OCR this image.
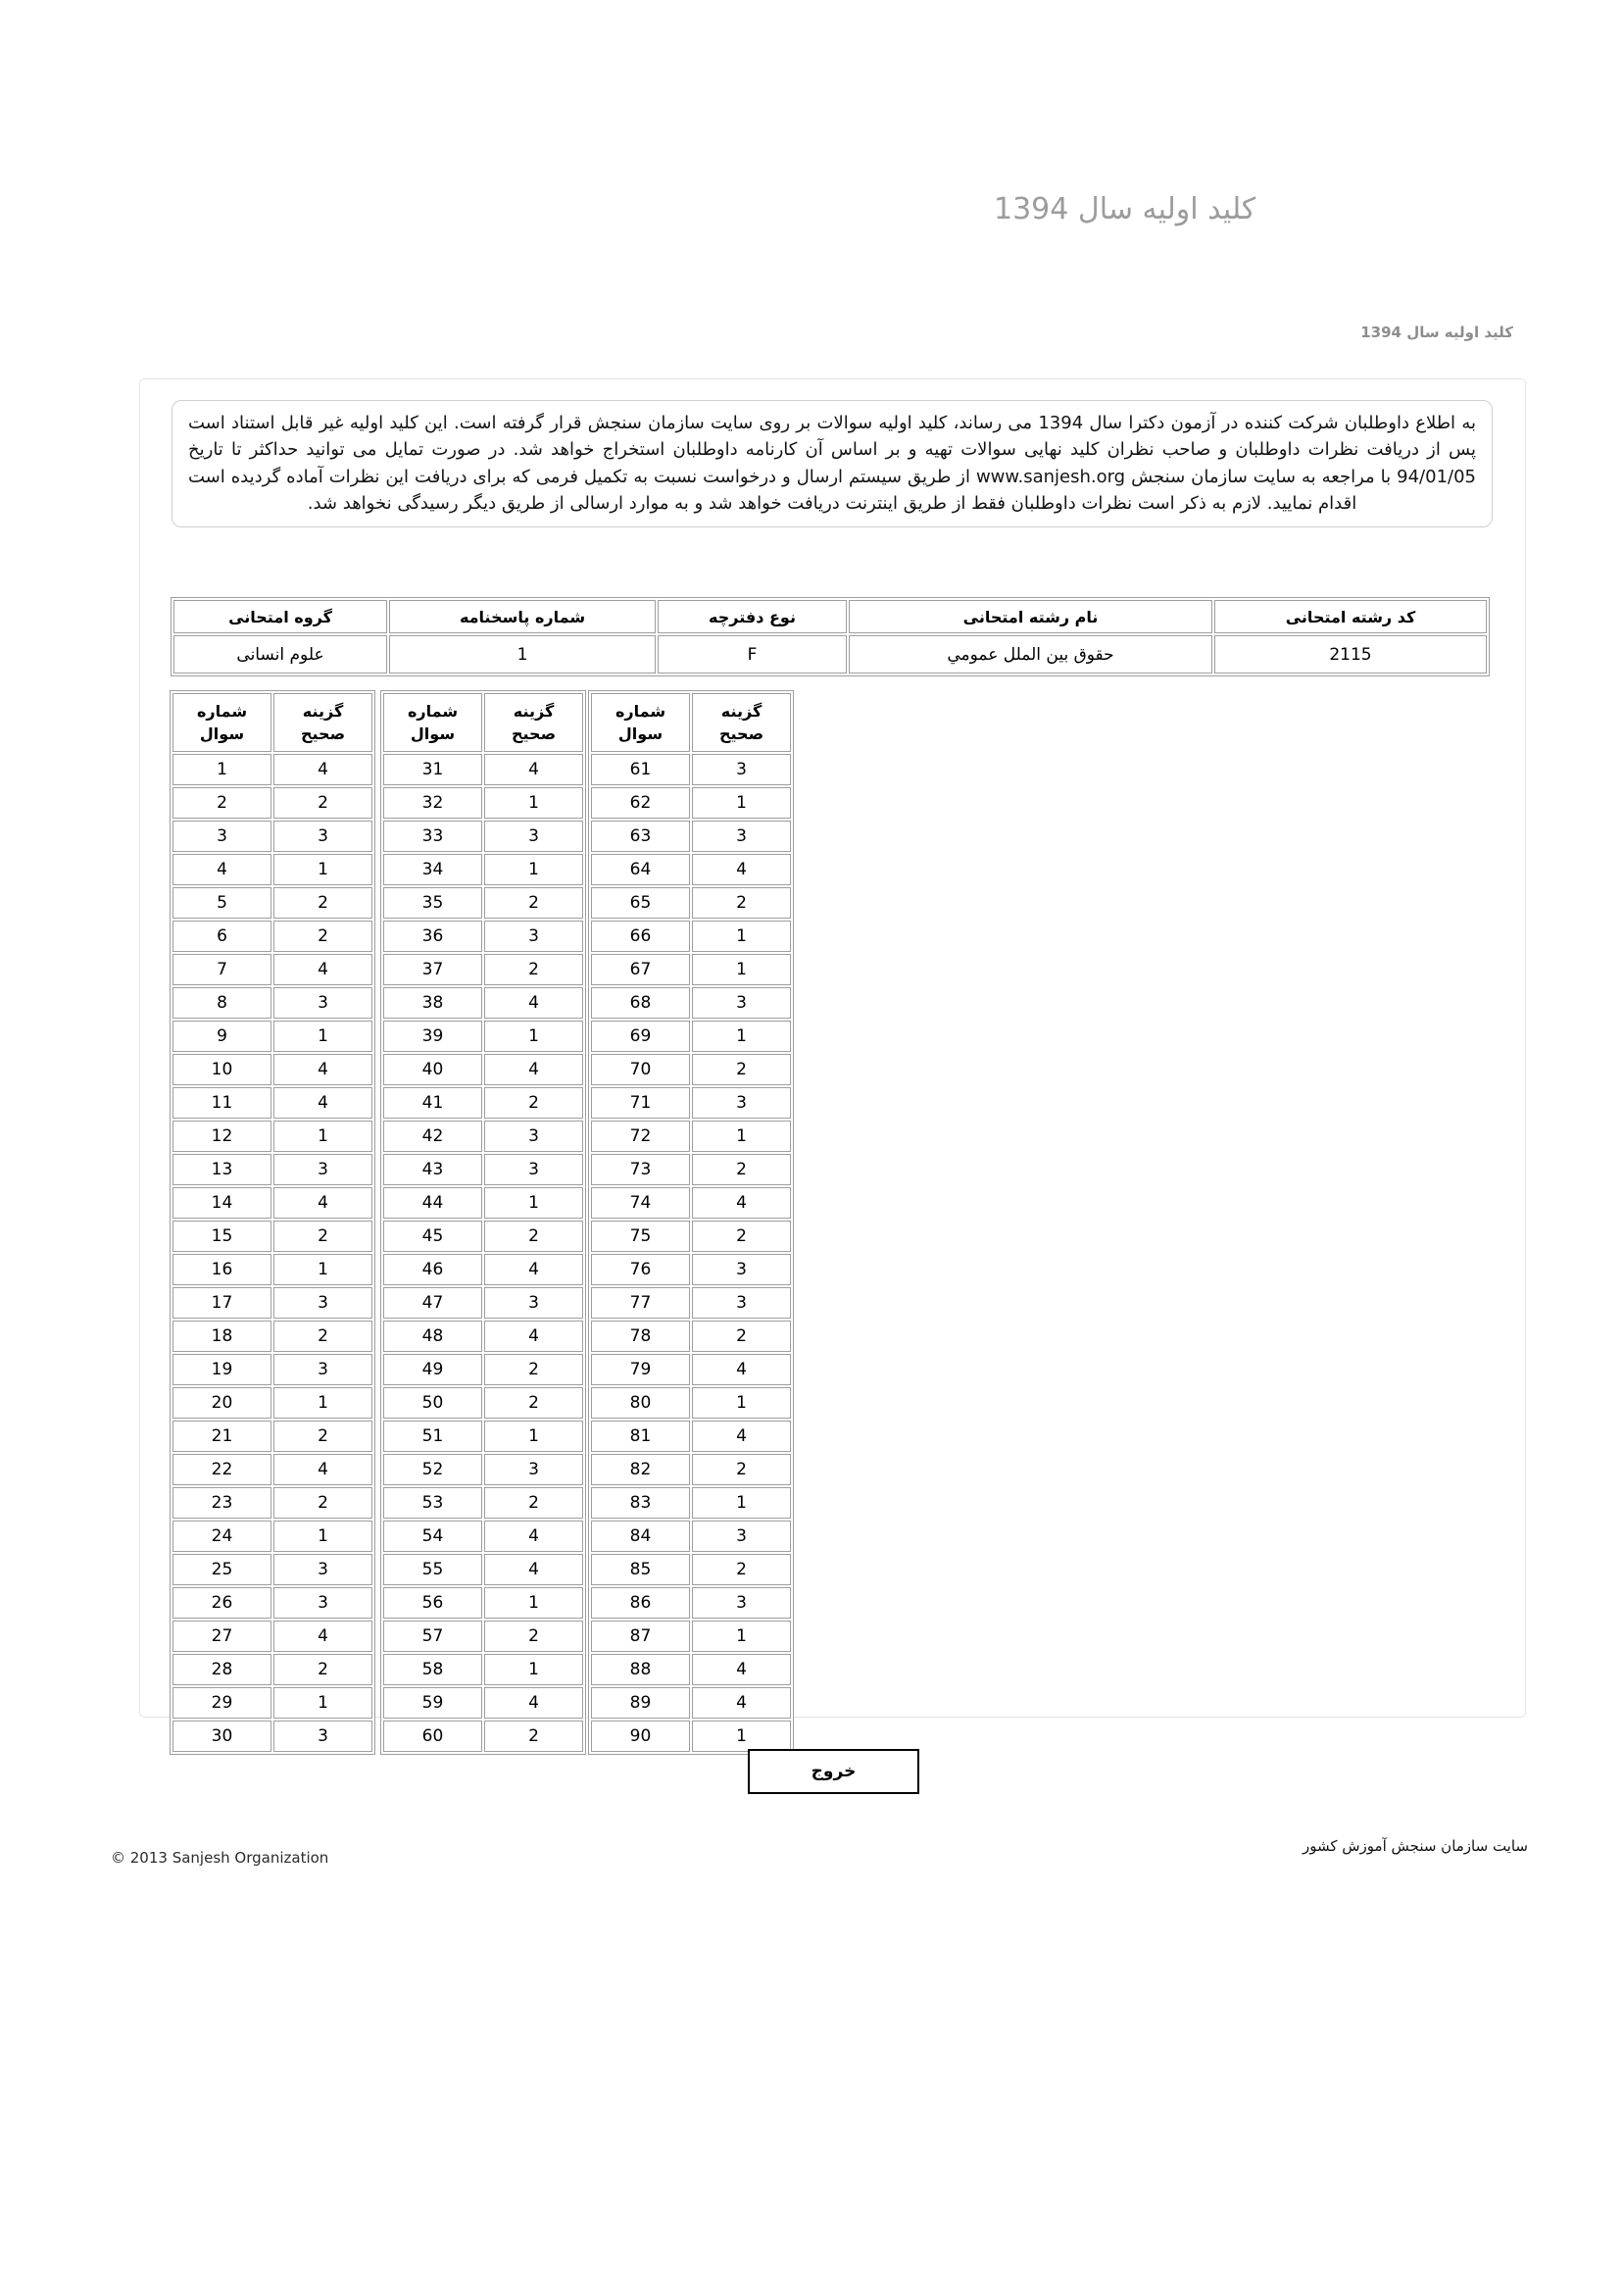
کلید اولیه سال 1394
کلید اولیه سال 1394
به اطلاع داوطلبان شرکت کننده در آزمون دکترا سال 1394 می رساند، کلید اولیه سوالات بر روی سایت سازمان سنجش قرار گرفته است. این کلید اولیه غیر قابل استناد است پس از دریافت نظرات داوطلبان و صاحب نظران کلید نهایی سوالات تهیه و بر اساس آن کارنامه داوطلبان استخراج خواهد شد. در صورت تمایل می توانید حداکثر تا تاریخ 94/01/05 با مراجعه به سایت سازمان سنجش www.sanjesh.org از طریق سیستم ارسال و درخواست نسبت به تکمیل فرمی که برای دریافت این نظرات آماده گردیده است اقدام نمایید. لازم به ذکر است نظرات داوطلبان فقط از طریق اینترنت دریافت خواهد شد و به موارد ارسالی از طریق دیگر رسیدگی نخواهد شد.
کد رشته امتحانی	نام رشته امتحانی	نوع دفترچه	شماره پاسخنامه	گروه امتحانی
2115	حقوق بين الملل عمومي	F	1	علوم انسانی
شماره
سوال	گزینه
صحیح
1	4
2	2
3	3
4	1
5	2
6	2
7	4
8	3
9	1
10	4
11	4
12	1
13	3
14	4
15	2
16	1
17	3
18	2
19	3
20	1
21	2
22	4
23	2
24	1
25	3
26	3
27	4
28	2
29	1
30	3
شماره
سوال	گزینه
صحیح
31	4
32	1
33	3
34	1
35	2
36	3
37	2
38	4
39	1
40	4
41	2
42	3
43	3
44	1
45	2
46	4
47	3
48	4
49	2
50	2
51	1
52	3
53	2
54	4
55	4
56	1
57	2
58	1
59	4
60	2
شماره
سوال	گزینه
صحیح
61	3
62	1
63	3
64	4
65	2
66	1
67	1
68	3
69	1
70	2
71	3
72	1
73	2
74	4
75	2
76	3
77	3
78	2
79	4
80	1
81	4
82	2
83	1
84	3
85	2
86	3
87	1
88	4
89	4
90	1
خروج
© 2013 Sanjesh Organization
سایت سازمان سنجش آموزش کشور
